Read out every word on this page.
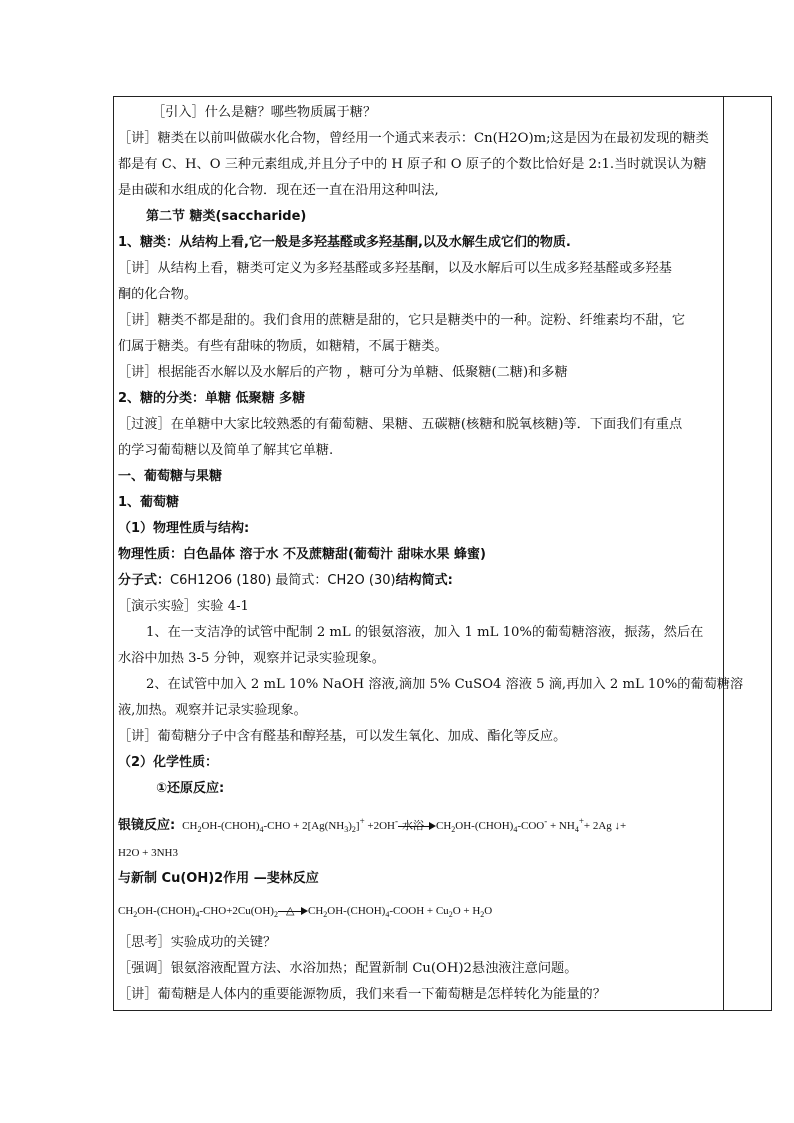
［引入］什么是糖？哪些物质属于糖？
［讲］糖类在以前叫做碳水化合物，曾经用一个通式来表示：Cn(H2O)m;这是因为在最初发现的糖类
都是有 C、H、O 三种元素组成,并且分子中的 H 原子和 O 原子的个数比恰好是 2:1.当时就误认为糖
是由碳和水组成的化合物．现在还一直在沿用这种叫法,
第二节 糖类(saccharide)
1、糖类：从结构上看,它一般是多羟基醛或多羟基酮,以及水解生成它们的物质.
［讲］从结构上看，糖类可定义为多羟基醛或多羟基酮，以及水解后可以生成多羟基醛或多羟基
酮的化合物。
［讲］糖类不都是甜的。我们食用的蔗糖是甜的，它只是糖类中的一种。淀粉、纤维素均不甜，它
们属于糖类。有些有甜味的物质，如糖精，不属于糖类。
［讲］根据能否水解以及水解后的产物 ，糖可分为单糖、低聚糖(二糖)和多糖
2、糖的分类：单糖 低聚糖 多糖
［过渡］在单糖中大家比较熟悉的有葡萄糖、果糖、五碳糖(核糖和脱氧核糖)等．下面我们有重点
的学习葡萄糖以及简单了解其它单糖.
一、葡萄糖与果糖
1、葡萄糖
（1）物理性质与结构:
物理性质：白色晶体 溶于水 不及蔗糖甜(葡萄汁 甜味水果 蜂蜜)
分子式：C6H12O6 (180) 最简式：CH2O (30)结构简式:
［演示实验］实验 4-1
1、在一支洁净的试管中配制 2 mL 的银氨溶液，加入 1 mL 10%的葡萄糖溶液，振荡，然后在
水浴中加热 3-5 分钟，观察并记录实验现象。
2、在试管中加入 2 mL 10% NaOH 溶液,滴加 5% CuSO4 溶液 5 滴,再加入 2 mL 10%的葡萄糖溶
液,加热。观察并记录实验现象。
［讲］葡萄糖分子中含有醛基和醇羟基，可以发生氧化、加成、酯化等反应。
（2）化学性质：
①还原反应:
银镜反应:  $CH_2OH-(CHOH)_4$-CHO + $2[Ag(NH_3)_2]^+ +2OH^-$ 水浴 $CH_2OH-(CHOH)_4-COO^- + NH_4^++ 2Ag$ ↓+
H2O + 3NH3
与新制 Cu(OH)2作用 —斐林反应
$CH_2OH-(CHOH)_4-CHO+2Cu(OH)_2$ △ $CH_2OH-(CHOH)_4$-COOH + $Cu_2O + H_2O$
［思考］实验成功的关键？
［强调］银氨溶液配置方法、水浴加热；配置新制 Cu(OH)2悬浊液注意问题。
［讲］葡萄糖是人体内的重要能源物质，我们来看一下葡萄糖是怎样转化为能量的？
